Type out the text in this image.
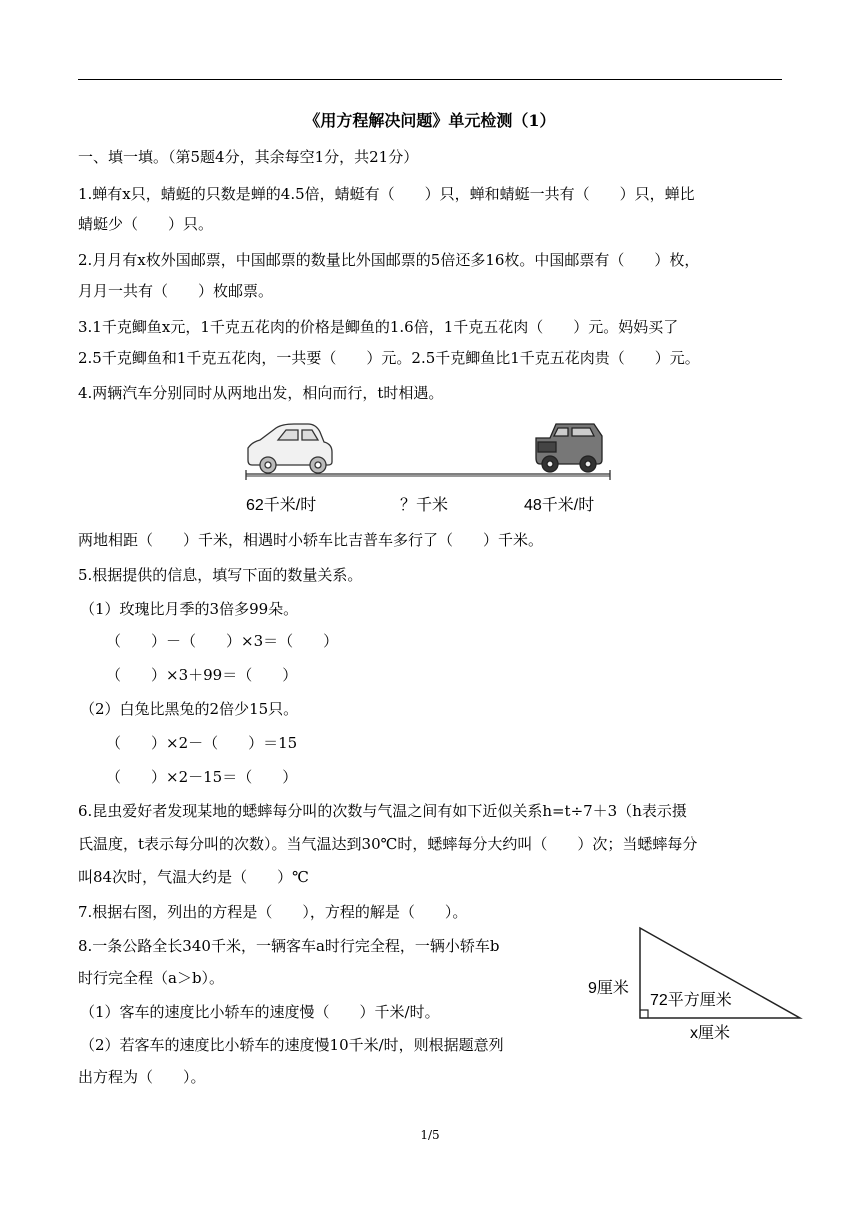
《用方程解决问题》单元检测（1）
一、填一填。（第5题4分，其余每空1分，共21分）
1.蝉有x只，蜻蜓的只数是蝉的4.5倍，蜻蜓有（　　）只，蝉和蜻蜓一共有（　　）只，蝉比
蜻蜓少（　　）只。
2.月月有x枚外国邮票，中国邮票的数量比外国邮票的5倍还多16枚。中国邮票有（　　）枚，
月月一共有（　　）枚邮票。
3.1千克鲫鱼x元，1千克五花肉的价格是鲫鱼的1.6倍，1千克五花肉（　　）元。妈妈买了
2.5千克鲫鱼和1千克五花肉，一共要（　　）元。2.5千克鲫鱼比1千克五花肉贵（　　）元。
4.两辆汽车分别同时从两地出发，相向而行，t时相遇。
62千米/时	？千米	48千米/时
两地相距（　　）千米，相遇时小轿车比吉普车多行了（　　）千米。
5.根据提供的信息，填写下面的数量关系。
（1）玫瑰比月季的3倍多99朵。
（　　）－（　　）×3＝（　　）
（　　）×3＋99＝（　　）
（2）白兔比黑兔的2倍少15只。
（　　）×2－（　　）＝15
（　　）×2－15＝（　　）
6.昆虫爱好者发现某地的蟋蟀每分叫的次数与气温之间有如下近似关系h=t÷7＋3（h表示摄
氏温度，t表示每分叫的次数）。当气温达到30℃时，蟋蟀每分大约叫（　　）次；当蟋蟀每分
叫84次时，气温大约是（　　）℃
7.根据右图，列出的方程是（　　），方程的解是（　　）。
8.一条公路全长340千米，一辆客车a时行完全程，一辆小轿车b
时行完全程（a＞b）。
（1）客车的速度比小轿车的速度慢（　　）千米/时。
（2）若客车的速度比小轿车的速度慢10千米/时，则根据题意列
出方程为（　　）。
9厘米
72平方厘米
x厘米
1/5
